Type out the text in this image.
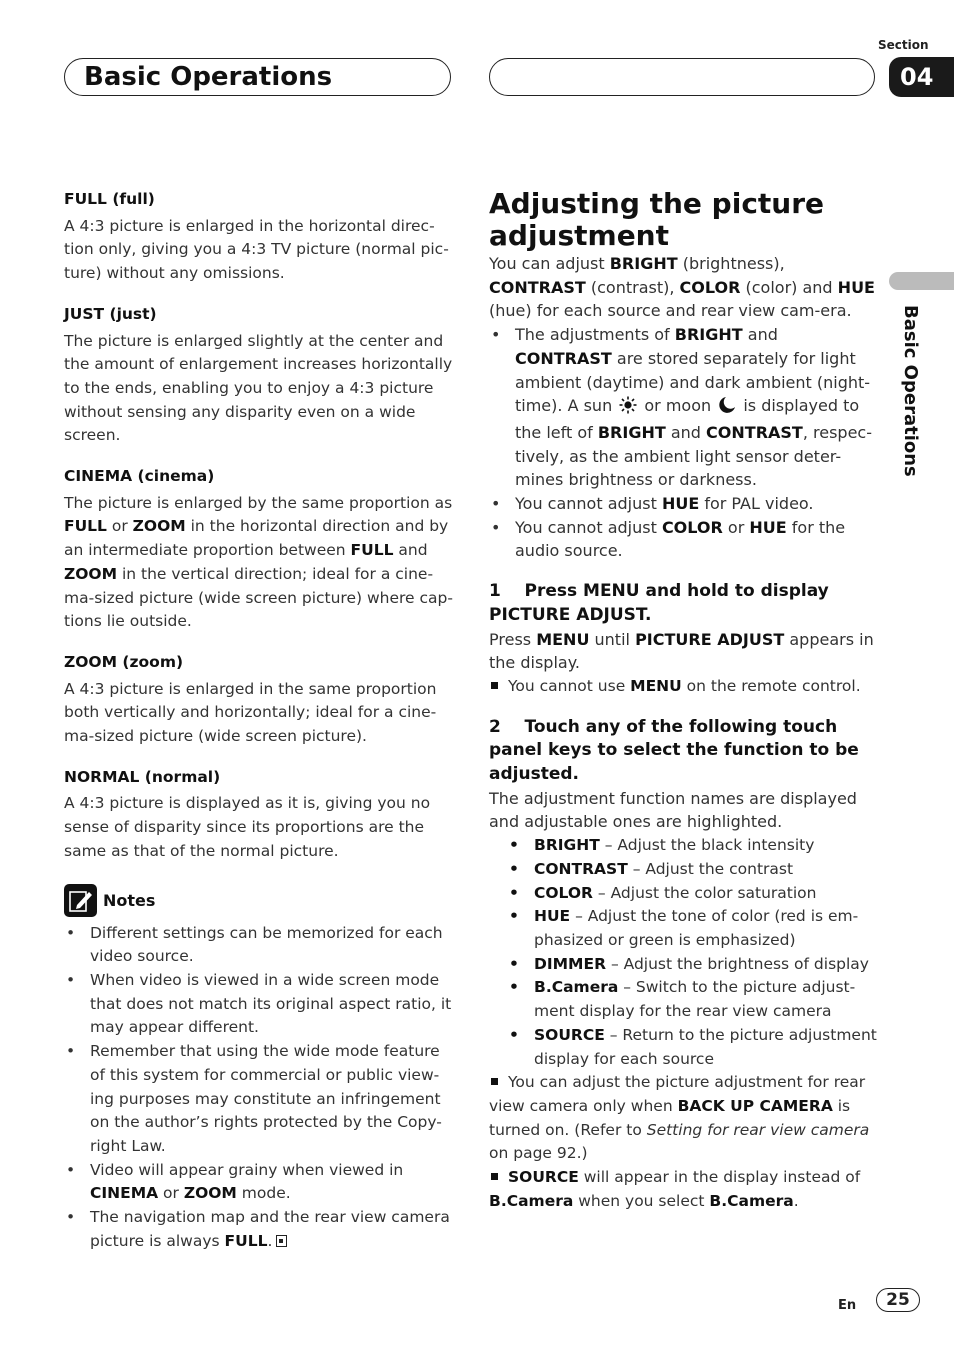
Basic Operations
Section
04
Basic Operations

FULL (full)

A 4:3 picture is enlarged in the horizontal direc-tion only, giving you a 4:3 TV picture (normal pic-ture) without any omissions.

JUST (just)

The picture is enlarged slightly at the center and the amount of enlargement increases horizontally to the ends, enabling you to enjoy a 4:3 picture without sensing any disparity even on a wide screen.

CINEMA (cinema)

The picture is enlarged by the same proportion as FULL or ZOOM in the horizontal direction and by an intermediate proportion between FULL and ZOOM in the vertical direction; ideal for a cine-ma-sized picture (wide screen picture) where cap-tions lie outside.

ZOOM (zoom)

A 4:3 picture is enlarged in the same proportion both vertically and horizontally; ideal for a cine-ma-sized picture (wide screen picture).

NORMAL (normal)

A 4:3 picture is displayed as it is, giving you no sense of disparity since its proportions are the same as that of the normal picture.

Notes
• Different settings can be memorized for each video source.
• When video is viewed in a wide screen mode that does not match its original aspect ratio, it may appear different.
• Remember that using the wide mode feature of this system for commercial or public view-ing purposes may constitute an infringement on the author’s rights protected by the Copy-right Law.
• Video will appear grainy when viewed in CINEMA or ZOOM mode.
• The navigation map and the rear view camera picture is always FULL.

Adjusting the picture adjustment

You can adjust BRIGHT (brightness), CONTRAST (contrast), COLOR (color) and HUE (hue) for each source and rear view cam-era.

• The adjustments of BRIGHT and CONTRAST are stored separately for light ambient (daytime) and dark ambient (night-time). A sun  or moon  is displayed to the left of BRIGHT and CONTRAST, respec-tively, as the ambient light sensor deter-mines brightness or darkness.
• You cannot adjust HUE for PAL video.
• You cannot adjust COLOR or HUE for the audio source.

1    Press MENU and hold to display PICTURE ADJUST.

Press MENU until PICTURE ADJUST appears in the display.

You cannot use MENU on the remote control.

2    Touch any of the following touch panel keys to select the function to be adjusted.

The adjustment function names are displayed and adjustable ones are highlighted.

• BRIGHT – Adjust the black intensity
• CONTRAST – Adjust the contrast
• COLOR – Adjust the color saturation
• HUE – Adjust the tone of color (red is em-phasized or green is emphasized)
• DIMMER – Adjust the brightness of display
• B.Camera – Switch to the picture adjust-ment display for the rear view camera
• SOURCE – Return to the picture adjustment display for each source

You can adjust the picture adjustment for rear view camera only when BACK UP CAMERA is turned on. (Refer to Setting for rear view camera on page 92.)

SOURCE will appear in the display instead of B.Camera when you select B.Camera.

En	25
